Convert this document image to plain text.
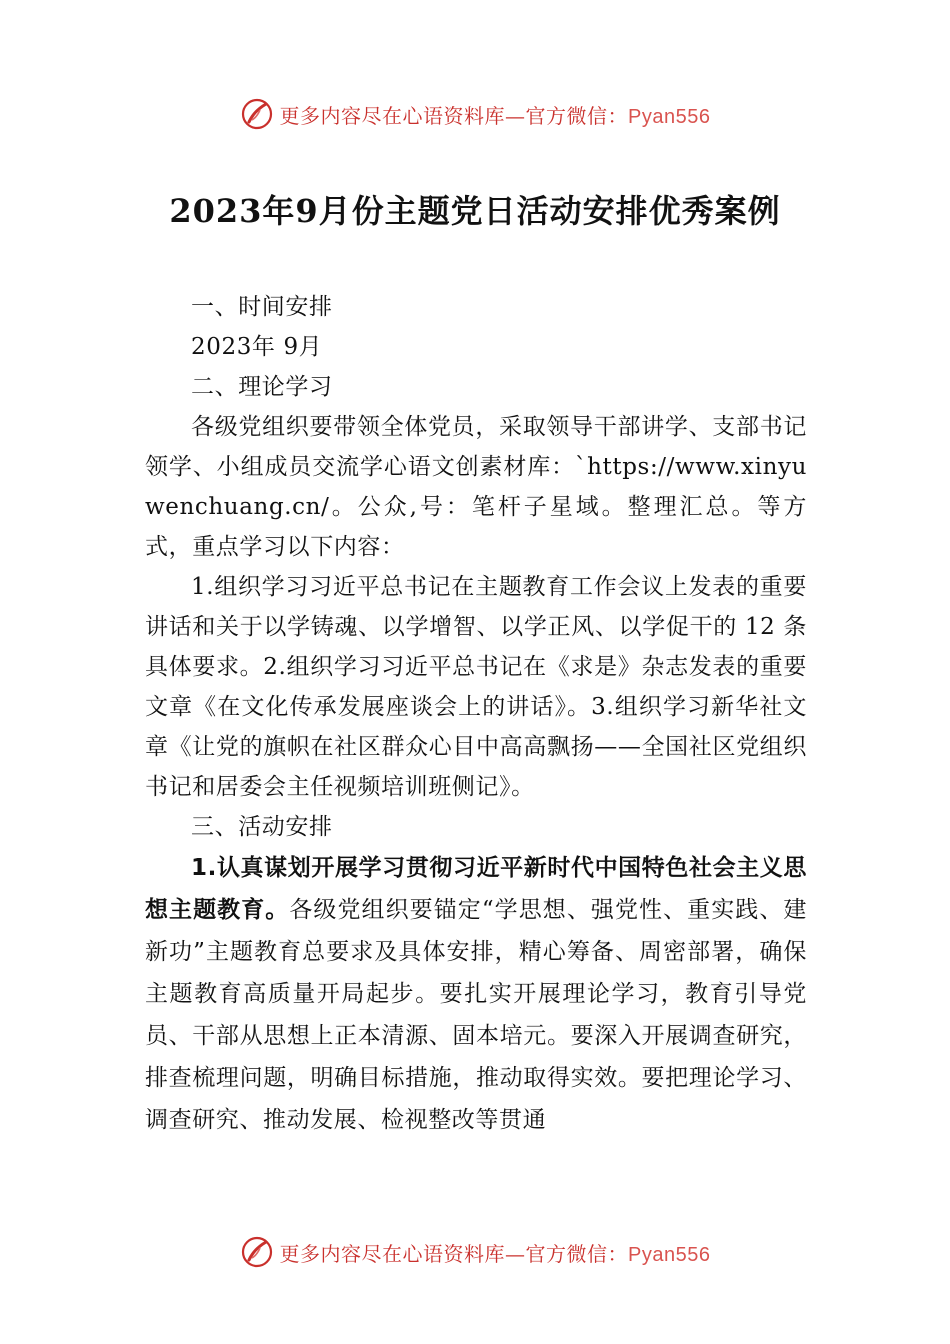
更多内容尽在心语资料库—官方微信：Pyan556
2023年9月份主题党日活动安排优秀案例

一、时间安排

2023年 9月

二、理论学习

各级党组织要带领全体党员，采取领导干部讲学、支部书记领学、小组成员交流学心语文创素材库：`https://www.xinyuwenchuang.cn/。公众,号：笔杆子星域。整理汇总。等方式，重点学习以下内容：

1.组织学习习近平总书记在主题教育工作会议上发表的重要讲话和关于以学铸魂、以学增智、以学正风、以学促干的 12 条具体要求。2.组织学习习近平总书记在《求是》杂志发表的重要文章《在文化传承发展座谈会上的讲话》。3.组织学习新华社文章《让党的旗帜在社区群众心目中高高飘扬——全国社区党组织书记和居委会主任视频培训班侧记》。

三、活动安排

1.认真谋划开展学习贯彻习近平新时代中国特色社会主义思想主题教育。各级党组织要锚定“学思想、强党性、重实践、建新功”主题教育总要求及具体安排，精心筹备、周密部署，确保主题教育高质量开局起步。要扎实开展理论学习，教育引导党员、干部从思想上正本清源、固本培元。要深入开展调查研究，排查梳理问题，明确目标措施，推动取得实效。要把理论学习、调查研究、推动发展、检视整改等贯通

更多内容尽在心语资料库—官方微信：Pyan556
